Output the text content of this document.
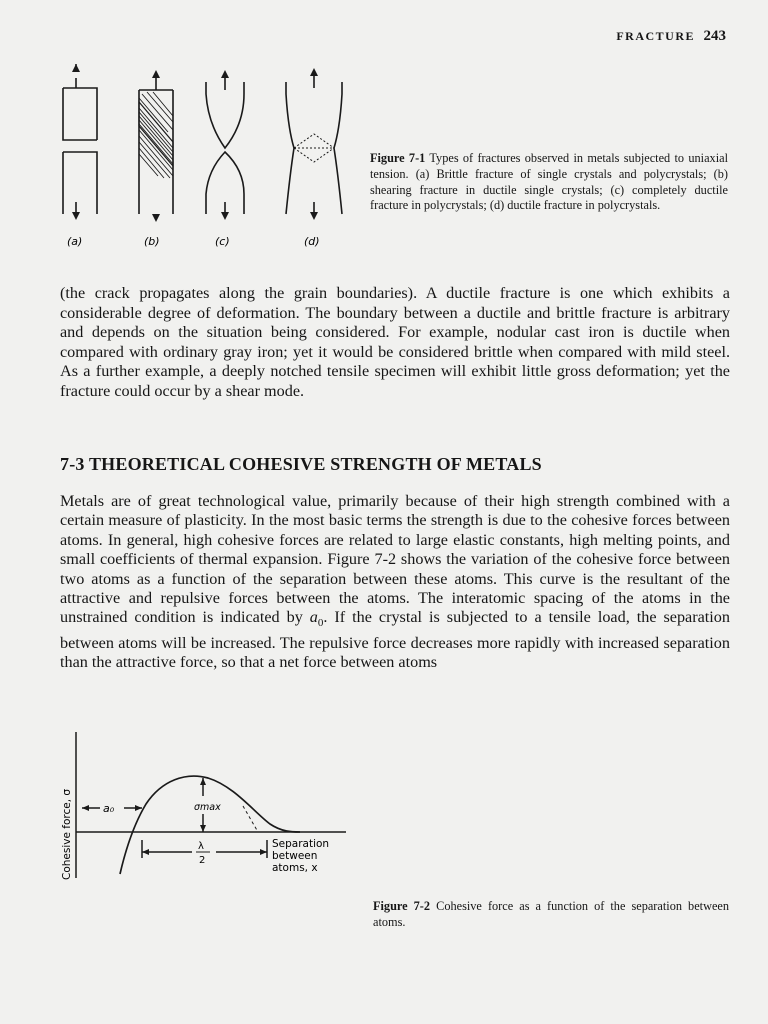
FRACTURE 243
(a)	(b)	(c)	(d)
Figure 7-1 Types of fractures observed in metals subjected to uniaxial tension. (a) Brittle fracture of single crystals and polycrystals; (b) shearing fracture in ductile single crystals; (c) completely ductile fracture in polycrystals; (d) ductile fracture in polycrystals.
(the crack propagates along the grain boundaries). A ductile fracture is one which exhibits a considerable degree of deformation. The boundary between a ductile and brittle fracture is arbitrary and depends on the situation being considered. For example, nodular cast iron is ductile when compared with ordinary gray iron; yet it would be considered brittle when compared with mild steel. As a further example, a deeply notched tensile specimen will exhibit little gross deformation; yet the fracture could occur by a shear mode.
7-3 THEORETICAL COHESIVE STRENGTH OF METALS
Metals are of great technological value, primarily because of their high strength combined with a certain measure of plasticity. In the most basic terms the strength is due to the cohesive forces between atoms. In general, high cohesive forces are related to large elastic constants, high melting points, and small coefficients of thermal expansion. Figure 7-2 shows the variation of the cohesive force between two atoms as a function of the separation between these atoms. This curve is the resultant of the attractive and repulsive forces between the atoms. The interatomic spacing of the atoms in the unstrained condition is indicated by $a_0$. If the crystal is subjected to a tensile load, the separation between atoms will be increased. The repulsive force decreases more rapidly with increased separation than the attractive force, so that a net force between atoms
Cohesive force, σ	a₀	σmax
λ
2
Separation
between
atoms, x
Figure 7-2 Cohesive force as a function of the separation between atoms.
